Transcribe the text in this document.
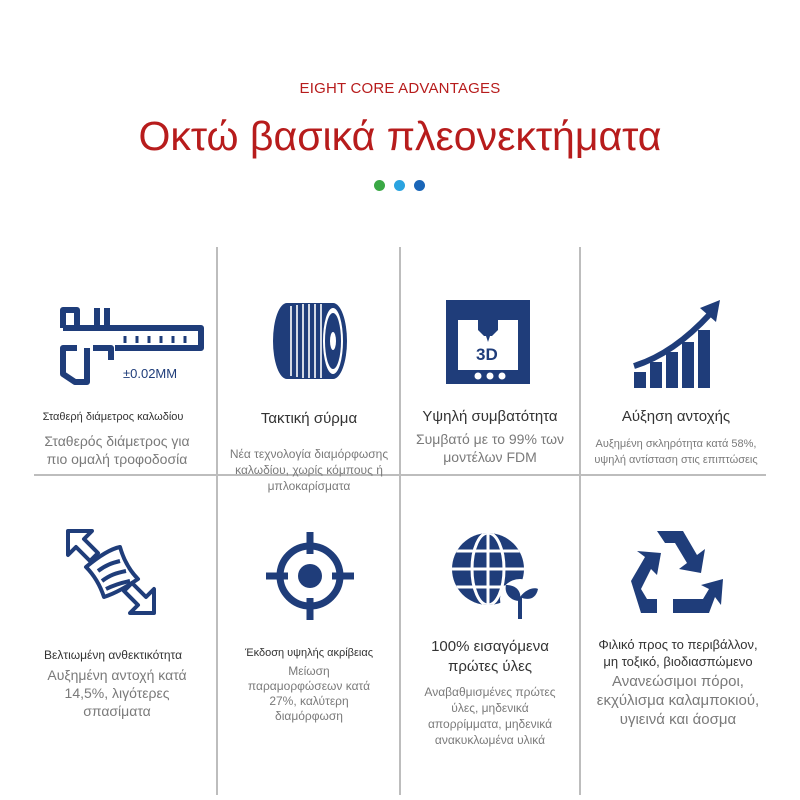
EIGHT CORE ADVANTAGES
Οκτώ βασικά πλεονεκτήματα
±0.02MM
Σταθερή διάμετρος καλωδίου
Σταθερός διάμετρος για πιο ομαλή τροφοδοσία
Τακτική σύρμα
Νέα τεχνολογία διαμόρφωσης καλωδίου, χωρίς κόμπους ή μπλοκαρίσματα
3D
Υψηλή συμβατότητα
Συμβατό με το 99% των μοντέλων FDM
Αύξηση αντοχής
Αυξημένη σκληρότητα κατά 58%, υψηλή αντίσταση στις επιπτώσεις
Βελτιωμένη ανθεκτικότητα
Αυξημένη αντοχή κατά 14,5%, λιγότερες σπασίματα
Έκδοση υψηλής ακρίβειας
Μείωση παραμορφώσεων κατά 27%, καλύτερη διαμόρφωση
100% εισαγόμενα πρώτες ύλες
Αναβαθμισμένες πρώτες ύλες, μηδενικά απορρίμματα, μηδενικά ανακυκλωμένα υλικά
Φιλικό προς το περιβάλλον, μη τοξικό, βιοδιασπώμενο
Ανανεώσιμοι πόροι, εκχύλισμα καλαμποκιού, υγιεινά και άοσμα
